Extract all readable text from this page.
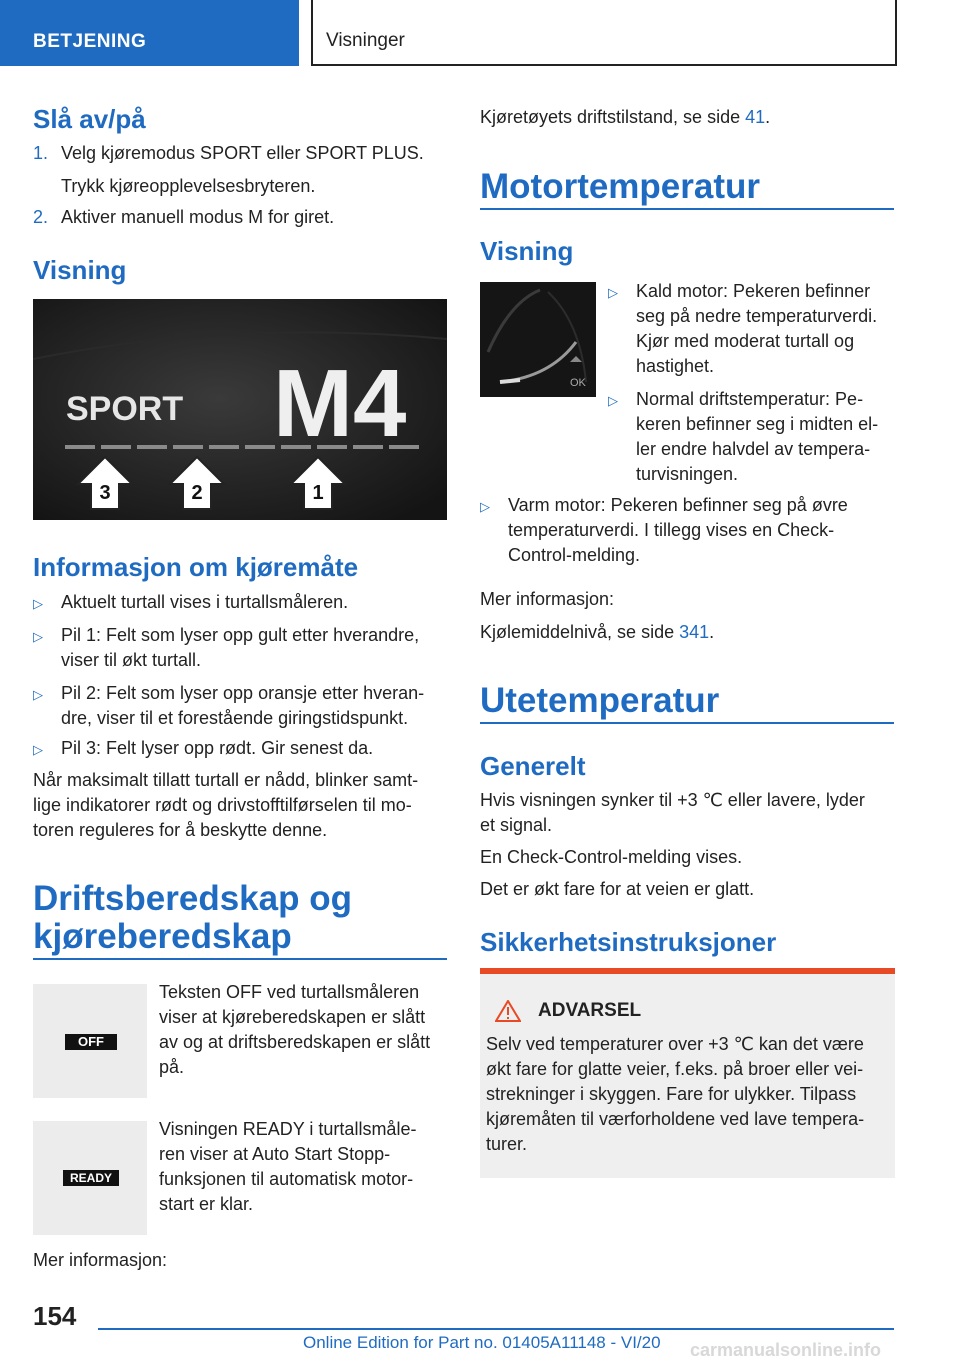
BETJENING	Visninger
Slå av/på
1. Velg kjøremodus SPORT eller SPORT PLUS.
Trykk kjøreopplevelsesbryteren.
2. Aktiver manuell modus M for giret.
Visning
SPORT M4
3	2	1
Informasjon om kjøremåte
▷ Aktuelt turtall vises i turtallsmåleren.
▷ Pil 1: Felt som lyser opp gult etter hverandre,
viser til økt turtall.
▷ Pil 2: Felt som lyser opp oransje etter hveran-
dre, viser til et forestående giringstidspunkt.
▷ Pil 3: Felt lyser opp rødt. Gir senest da.
Når maksimalt tillatt turtall er nådd, blinker samt-
lige indikatorer rødt og drivstofftilførselen til mo-
toren reguleres for å beskytte denne.
Driftsberedskap og
kjøreberedskap
OFF
Teksten OFF ved turtallsmåleren
viser at kjøreberedskapen er slått
av og at driftsberedskapen er slått
på.
READY
Visningen READY i turtallsmåle-
ren viser at Auto Start Stopp-
funksjonen til automatisk motor-
start er klar.
Mer informasjon:
Kjøretøyets driftstilstand, se side 41.
Motortemperatur
Visning
OK
▷ Kald motor: Pekeren befinner
seg på nedre temperaturverdi.
Kjør med moderat turtall og
hastighet.
▷ Normal driftstemperatur: Pe-
keren befinner seg i midten el-
ler endre halvdel av tempera-
turvisningen.
▷ Varm motor: Pekeren befinner seg på øvre
temperaturverdi. I tillegg vises en Check-
Control-melding.
Mer informasjon:
Kjølemiddelnivå, se side 341.
Utetemperatur
Generelt
Hvis visningen synker til +3 ℃ eller lavere, lyder
et signal.
En Check-Control-melding vises.
Det er økt fare for at veien er glatt.
Sikkerhetsinstruksjoner
ADVARSEL
Selv ved temperaturer over +3 ℃ kan det være
økt fare for glatte veier, f.eks. på broer eller vei-
strekninger i skyggen. Fare for ulykker. Tilpass
kjøremåten til værforholdene ved lave tempera-
turer.
154
Online Edition for Part no. 01405A11148 - VI/20 carmanualsonline.info
